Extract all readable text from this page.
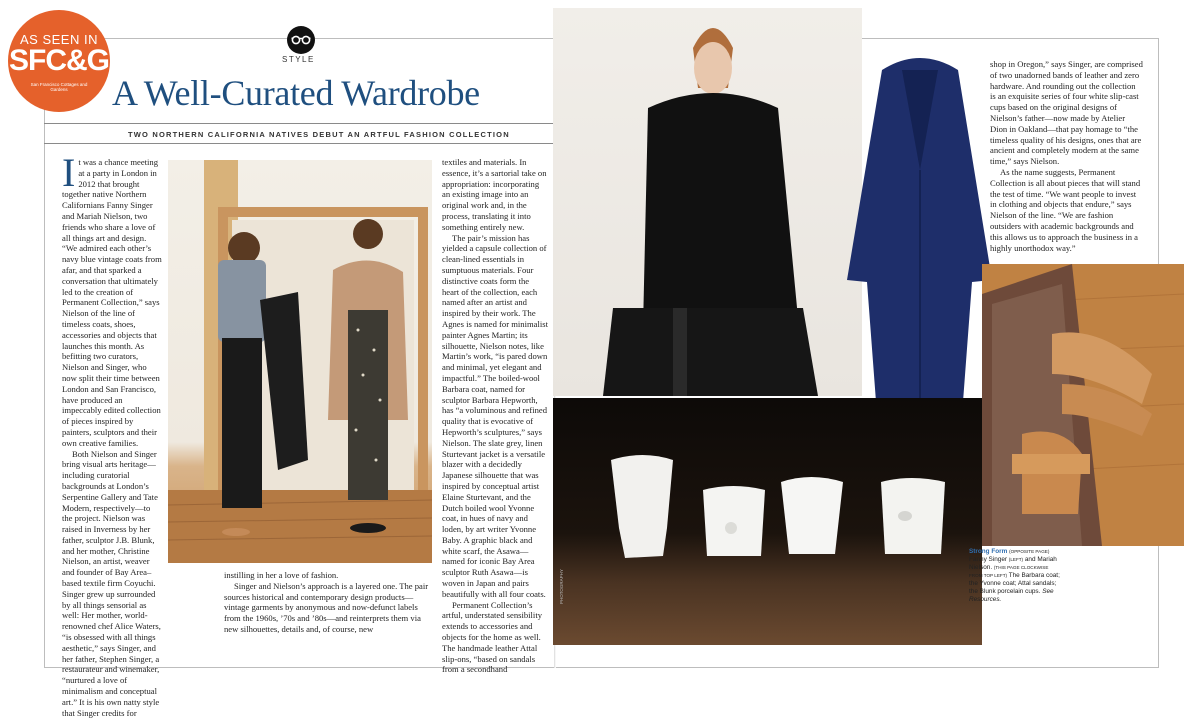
AS SEEN IN
SFC&G
San Francisco Cottages and Gardens
STYLE
A Well-Curated Wardrobe
TWO NORTHERN CALIFORNIA NATIVES DEBUT AN ARTFUL FASHION COLLECTION

It was a chance meeting at a party in London in 2012 that brought together native Northern Californians Fanny Singer and Mariah Nielson, two friends who share a love of all things art and design. “We admired each other’s navy blue vintage coats from afar, and that sparked a conversation that ultimately led to the creation of Permanent Collection,” says Nielson of the line of timeless coats, shoes, accessories and objects that launches this month. As befitting two curators, Nielson and Singer, who now split their time between London and San Francisco, have produced an impeccably edited collection of pieces inspired by painters, sculptors and their own creative families.

Both Nielson and Singer bring visual arts heritage—including curatorial backgrounds at London’s Serpentine Gallery and Tate Modern, respectively—to the project. Nielson was raised in Inverness by her father, sculptor J.B. Blunk, and her mother, Christine Nielson, an artist, weaver and founder of Bay Area–based textile firm Coyuchi. Singer grew up surrounded by all things sensorial as well: Her mother, world-renowned chef Alice Waters, “is obsessed with all things aesthetic,” says Singer, and her father, Stephen Singer, a restaurateur and winemaker, “nurtured a love of minimalism and conceptual art.” It is his own natty style that Singer credits for

instilling in her a love of fashion.

Singer and Nielson’s approach is a layered one. The pair sources historical and contemporary design products—vintage garments by anonymous and now-defunct labels from the 1960s, ’70s and ’80s—and reinterprets them via new silhouettes, details and, of course, new

textiles and materials. In essence, it’s a sartorial take on appropriation: incorporating an existing image into an original work and, in the process, translating it into something entirely new.

The pair’s mission has yielded a capsule collection of clean-lined essentials in sumptuous materials. Four distinctive coats form the heart of the collection, each named after an artist and inspired by their work. The Agnes is named for minimalist painter Agnes Martin; its silhouette, Nielson notes, like Martin’s work, “is pared down and minimal, yet elegant and impactful.” The boiled-wool Barbara coat, named for sculptor Barbara Hepworth, has “a voluminous and refined quality that is evocative of Hepworth’s sculptures,” says Nielson. The slate grey, linen Sturtevant jacket is a versatile blazer with a decidedly Japanese silhouette that was inspired by conceptual artist Elaine Sturtevant, and the Dutch boiled wool Yvonne coat, in hues of navy and loden, by art writer Yvonne Baby. A graphic black and white scarf, the Asawa—named for iconic Bay Area sculptor Ruth Asawa—is woven in Japan and pairs beautifully with all four coats.

Permanent Collection’s artful, understated sensibility extends to accessories and objects for the home as well. The handmade leather Attal slip-ons, “based on sandals from a secondhand

shop in Oregon,” says Singer, are comprised of two unadorned bands of leather and zero hardware. And rounding out the collection is an exquisite series of four white slip-cast cups based on the original designs of Nielson’s father—now made by Atelier Dion in Oakland—that pay homage to “the timeless quality of his designs, ones that are ancient and completely modern at the same time,” says Nielson.

As the name suggests, Permanent Collection is all about pieces that will stand the test of time. “We want people to invest in clothing and objects that endure,” says Nielson of the line. “We are fashion outsiders with academic backgrounds and this allows us to approach the business in a highly unorthodox way.”

Strong Form (OPPOSITE PAGE) Fanny Singer (LEFT) and Mariah Nielson. (THIS PAGE CLOCKWISE FROM TOP LEFT) The Barbara coat; the Yvonne coat; Attal sandals; the Blunk porcelain cups. See Resources.
PHOTOGRAPHY
